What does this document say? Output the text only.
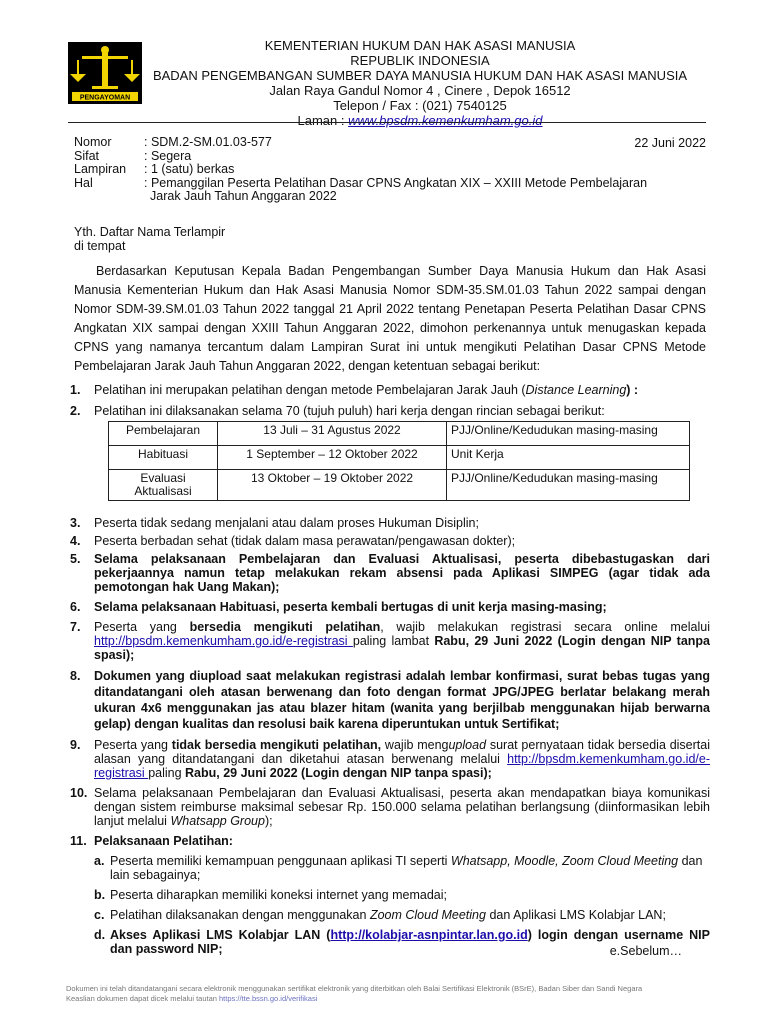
PENGAYOMAN
KEMENTERIAN HUKUM DAN HAK ASASI MANUSIA
REPUBLIK INDONESIA
BADAN PENGEMBANGAN SUMBER DAYA MANUSIA HUKUM DAN HAK ASASI MANUSIA
Jalan Raya Gandul Nomor 4 , Cinere , Depok 16512
Telepon / Fax : (021) 7540125
Laman : www.bpsdm.kemenkumham.go.id
Nomor	: SDM.2-SM.01.03-577
Sifat	: Segera
Lampiran	: 1 (satu) berkas
Hal	: Pemanggilan Peserta Pelatihan Dasar CPNS Angkatan XIX – XXIII Metode Pembelajaran
Jarak Jauh Tahun Anggaran 2022
22 Juni 2022
Yth. Daftar Nama Terlampir
di tempat
Berdasarkan Keputusan Kepala Badan Pengembangan Sumber Daya Manusia Hukum dan Hak Asasi Manusia Kementerian Hukum dan Hak Asasi Manusia Nomor SDM-35.SM.01.03 Tahun 2022 sampai dengan Nomor SDM-39.SM.01.03 Tahun 2022 tanggal 21 April 2022 tentang Penetapan Peserta Pelatihan Dasar CPNS Angkatan XIX sampai dengan XXIII Tahun Anggaran 2022, dimohon perkenannya untuk menugaskan kepada CPNS yang namanya tercantum dalam Lampiran Surat ini untuk mengikuti Pelatihan Dasar CPNS Metode Pembelajaran Jarak Jauh Tahun Anggaran 2022, dengan ketentuan sebagai berikut:
1.	Pelatihan ini merupakan pelatihan dengan metode Pembelajaran Jarak Jauh (Distance Learning) :
2.	Pelatihan ini dilaksanakan selama 70 (tujuh puluh) hari kerja dengan rincian sebagai berikut:
Pembelajaran	13 Juli – 31 Agustus 2022	PJJ/Online/Kedudukan masing-masing
Habituasi	1 September – 12 Oktober 2022	Unit Kerja
Evaluasi Aktualisasi	13 Oktober – 19 Oktober 2022	PJJ/Online/Kedudukan masing-masing
3.	Peserta tidak sedang menjalani atau dalam proses Hukuman Disiplin;
4.	Peserta berbadan sehat (tidak dalam masa perawatan/pengawasan dokter);
5.	Selama pelaksanaan Pembelajaran dan Evaluasi Aktualisasi, peserta dibebastugaskan dari pekerjaannya namun tetap melakukan rekam absensi pada Aplikasi SIMPEG (agar tidak ada pemotongan hak Uang Makan);
6.	Selama pelaksanaan Habituasi, peserta kembali bertugas di unit kerja masing-masing;
7.	Peserta yang bersedia mengikuti pelatihan, wajib melakukan registrasi secara online melalui http://bpsdm.kemenkumham.go.id/e-registrasi paling lambat Rabu, 29 Juni 2022 (Login dengan NIP tanpa spasi);
8.	Dokumen yang diupload saat melakukan registrasi adalah lembar konfirmasi, surat bebas tugas yang ditandatangani oleh atasan berwenang dan foto dengan format JPG/JPEG berlatar belakang merah ukuran 4x6 menggunakan jas atau blazer hitam (wanita yang berjilbab menggunakan hijab berwarna gelap) dengan kualitas dan resolusi baik karena diperuntukan untuk Sertifikat;
9.	Peserta yang tidak bersedia mengikuti pelatihan, wajib mengupload surat pernyataan tidak bersedia disertai alasan yang ditandatangani dan diketahui atasan berwenang melalui http://bpsdm.kemenkumham.go.id/e-registrasi paling Rabu, 29 Juni 2022 (Login dengan NIP tanpa spasi);
10. Selama pelaksanaan Pembelajaran dan Evaluasi Aktualisasi, peserta akan mendapatkan biaya komunikasi dengan sistem reimburse maksimal sebesar Rp. 150.000 selama pelatihan berlangsung (diinformasikan lebih lanjut melalui Whatsapp Group);
11. Pelaksanaan Pelatihan:
a. Peserta memiliki kemampuan penggunaan aplikasi TI seperti Whatsapp, Moodle, Zoom Cloud Meeting dan lain sebagainya;
b. Peserta diharapkan memiliki koneksi internet yang memadai;
c. Pelatihan dilaksanakan dengan menggunakan Zoom Cloud Meeting dan Aplikasi LMS Kolabjar LAN;
d. Akses Aplikasi LMS Kolabjar LAN (http://kolabjar-asnpintar.lan.go.id) login dengan username NIP dan password NIP;	e.Sebelum…
Dokumen ini telah ditandatangani secara elektronik menggunakan sertifikat elektronik yang diterbitkan oleh Balai Sertifikasi Elektronik (BSrE), Badan Siber dan Sandi Negara
Keaslian dokumen dapat dicek melalui tautan https://tte.bssn.go.id/verifikasi
